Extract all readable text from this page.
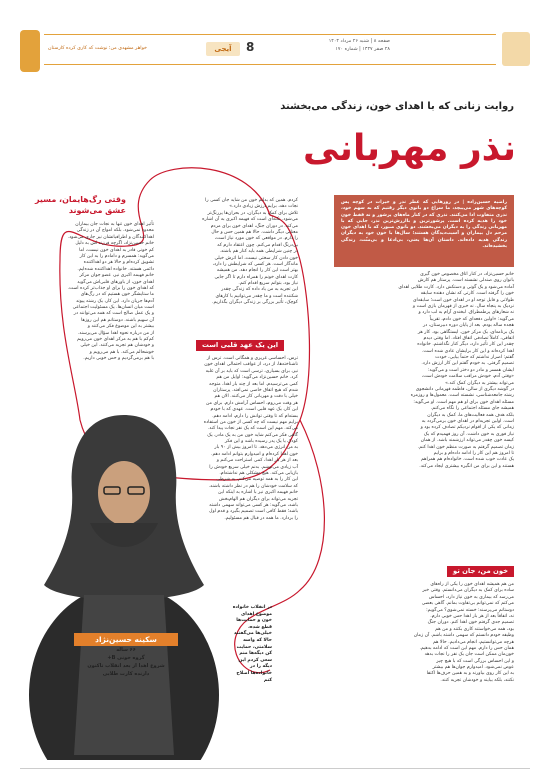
خواهر مشهدی من؛ نوشت که کاری کرده کارستان	آیجی	8	صفحه ۸ | شنبه ۲۶ مرداد ۱۴۰۴
۲۸ صفر ۱۴۴۷ | شماره ۱۷۰
روایت زنانی که با اهدای خون، زندگی می‌بخشند
نذر مهربانی
راضیه حسین‌زاده | در روزهایی که عطر نذر و خیرات در کوچه پس کوچه‌های شهر می‌پیچد، ما سراغ دو بانوی دیگر رفتیم که به سهم خود، نذری متفاوت ادا می‌کنند. نذری که در کنار ماه‌های پرشور و نه فقط خون خود را هدیه کرده است. پرشورترین و باارزش‌ترین نذر، جایی که با مهربانی زندگی را به دیگران می‌بخشند. دو بانوی صبور، که با اهدای خون مرحم دل بیماران و آسیب‌دیدگان هستند؛ سال‌ها با خون خود به دیگران زندگی هدیه داده‌اند. داستان آن‌ها یعنی، بی‌ادعا و بی‌منّت، زندگی بخشیده‌اند.
خانم حسین‌نژاد، در کنار اتاق مخصوص خون گیری
بانوان روی صندلی نشسته است. پرستار هم کارش
آماده می‌شود و یک گونی و دستکش دارد. کارت طلایی اهدای
خون را گرفته است. کارتی که نشان دهنده سابقه
طولانی و قابل توجه او در اهدای خون است؛ سابقه‌ای
نزدیک به پنجاه سال. نه خبری از قهرمان بازی است و
نه شعارهای پرطمطراق. لبخندی آرام به لب دارد و
می‌گوید: «اولین دفعه‌ای که خون دادم، تقریباً
هجده ساله بودم. بعد از پایان دوره دبیرستان، در
یک برنامه‌ای، یک مرکز خون. ایستگاهی بود. کار هر
اتفاقی، کاملاً تصادفی اتفاق افتاد. اما وقتی دیدم
چقدر این کار تأثیر دارد، دیگر کنار نگذاشتم. خانواده
اهدا کرده‌اند و این کار برایشان عادی شده است.
گفتم: اصرار نداشتم که حتماً بیایی، خودت
تصمیم گرفتی. به خودم گفتم این کار ارزش دارد.
ایشان همسر و مادر دو دختر است و می‌گوید:
«وقتی آدم، خودش مراقب سلامت خودش است،
می‌تواند بیشتر به دیگران کمک کند.»
در گوشه دیگری از سالن، فاطمه قهرمانی دانشجوی
رشته جامعه‌شناسی، نشسته است. معمول‌ها و روزمره
مسئله اهدای خون برای او هم مهم است. او می‌گوید:
همیشه جای مسئله اجتماعی را نگاه می‌کنم.
بلکه هدف همه فعالیت‌های ما، کمک به دیگران
است. اولین تجربه‌ام در اهدای خون برمی‌گردد به
زمانی که یکی از اقوام نزدیکم تصادف کرده بود و
نیاز فوری به خون داشت. آن روز فهمیدم که یک
کیسه خون چقدر می‌تواند ارزشمند باشد. از همان
زمان تصمیم گرفتم به صورت منظم خون اهدا کنم.
تا امروز هم این کار را ادامه داده‌ام و برایم
یک عادت خوب شده است. خانواده‌ام هم همراهم
هستند و این برای من انگیزه بیشتری ایجاد می‌کند.
خون من، جان تو
من هم همیشه اهدای خون را یکی از راه‌های
ساده برای کمک به دیگران می‌دانستم. وقتی خبر
می‌رسد که بیماری به خون نیاز دارد، احساس
می‌کنم که نمی‌توانم بی‌تفاوت بمانم. گاهی بعضی
دوستانم می‌پرسند: خسته نمی‌شوی؟ می‌گویم:
نه، اتفاقاً بعد از هر بار اهدا حس خوبی دارم.
تصمیم جدی گرفتم خون اهدا کنم. دوران جنگ
بود، همه می‌خواستند کاری بکنند و من هم
وظیفه خودم دانستم که سهمی داشته باشم. آن زمان
هرچه می‌توانستیم، انجام می‌دادیم. حالا هم
همان حس را دارم. مهم این است که ادامه بدهیم.
خون‌مان ممکن است جان یک نفر را نجات بدهد
و این احساس بزرگی است که با هیچ چیز
عوض نمی‌شود. امیدوارم جوان‌ها هم بیشتر
به این کار روی بیاورند و به همین حرف‌ها اکتفا
نکنند، بلکه بیایند و خودشان تجربه کنند.
کردم. همین که بدانم خون من شاید جان کسی را
نجات دهد، برایم ارزش زیادی دارد.»
تلاش برای کمک به دیگران، در بحران‌ها پررنگ‌تر
می‌شود. نکته‌ای است که فهیمه اکبری به آن اشاره
می‌کند. در دوران جنگ، اهدای خون برای مردم
معنایی دیگر داشت. حالا هم همین حس و حال
را دارم. در مواقعی که خون مورد نیاز است،
بی‌درنگ اقدام می‌کنم. چون اعتقاد دارم که
در چنین شرایطی همه باید کنار هم باشند.
خون دادن کار سختی نیست، اما اثرش خیلی
ماندگار است. هر کسی که شرایطش را دارد،
بهتر است این کار را انجام دهد. من همیشه
کارت اهدای خونم را همراه دارم تا اگر جایی
نیاز بود، بتوانم سریع اقدام کنم.
این تجربه به من یاد داده که زندگی چقدر
شکننده است و ما چقدر می‌توانیم با کارهای
کوچک، تأثیر بزرگی بر زندگی دیگران بگذاریم.
این یک عهد قلبی است
ترس، احساسی غریزی و همگانی است. ترس از
ناشناخته‌ها، از درد، از عواقب احتمالی اهدای خون
نیز، برای بسیاری، ترسی است که باید بر آن غلبه
کرد. خانم حسین‌نژاد می‌گوید: اوایل من هم
کمی می‌ترسیدم. اما بعد از چند بار اهدا، متوجه
شدم که هیچ اتفاق خاصی نمی‌افتد. پرستاران
خیلی با دقت و مهربانی کار می‌کنند. الان هم
هر وقت می‌روم، احساس آرامش دارم. برای من
این کار، یک عهد قلبی است. عهدی که با خودم
بسته‌ام که تا وقتی توانش را دارم، ادامه دهم.
برایم مهم نیست که چه کسی از خون من استفاده
می‌کند. مهم این است که یک نفر نجات پیدا کند.
گاهی فکر می‌کنم شاید خون من به یک مادر، یک
کودک یا یک پدر رسیده باشد و این فکر
به من انرژی می‌دهد. تا امروز بیش از ۹۰ بار
خون اهدا کرده‌ام و امیدوارم بتوانم ادامه دهم.
بعد از هر بار اهدا، کمی استراحت می‌کنم و
آب زیادی می‌نوشم. بدنم خیلی سریع خودش را
بازیابی می‌کند. هیچ مشکلی هم نداشته‌ام.
این کار را به همه توصیه می‌کنم، به شرطی
که سلامت خودشان را هم در نظر داشته باشند.
خانم فهیمه اکبری نیز با اشاره به اینکه این
تجربه می‌تواند برای دیگران هم الهام‌بخش
باشد، می‌گوید: هر کسی می‌تواند سهمی داشته
باشد؛ فقط کافی است تصمیم بگیرد و قدم اول
را بردارد. ما همه در قبال هم مسئولیم.
وقتی رگ‌هایمان، مسیر عشق می‌شوند
تأثیر اهدای خون تنها به نجات جان بیماران
محدود نمی‌شود. بلکه امواج آن در زندگی
اهداکنندگان و اطرافیانشان نیز جاری می‌شود.
خانم حسین‌نژاد، اگرچه فرزند اش به دلیل
کم خونی قادر به اهدای خون نیست، اما
می‌گوید: همسرم و دامادم را به این کار
تشویق کرده‌ام و حالا هر دو اهداکننده
دائمی هستند. خانواده اهداکننده شده‌ایم.
خانم فهیمه اکبری نیز، عضو جوان مرکز
اهدای خون، از باورهای قلبی‌اش می‌گوید
که اهدای خون را برای او جذاب‌تر کرده است.
ما ستایشگر خون هستیم که در رگ‌های
آدم‌ها جریان دارد. این کار، یک رشته پیوند
است میان انسان‌ها. یک مسئولیت اجتماعی
و یک عمل صالح است که همه می‌توانند در
آن سهیم باشند. دوستانم هم این روزها
بیشتر به این موضوع فکر می‌کنند و
از من درباره نحوه اهدا سؤال می‌پرسند.
کم‌کم با هم به مرکز اهدای خون می‌رویم
و خودشان هم تجربه می‌کنند. این خیلی
خوشحالم می‌کند. با هم می‌رویم و
با هم برمی‌گردیم و حس خوبی داریم.
سکینه حسین‌نژاد
۶۶ ساله
گروه خونی B+
شروع اهدا از بعد انقلاب تاکنون
دارنده کارت طلایی
در انقلاب خانواده موضوع اهدای خون و حمایت‌ها قطع شده، خیلی‌ها می‌گفتند حالا که واسه سلامتی، حمایت کن دیگه‌ها منم سعی کردم این دیگه را در خانواده‌ها اصلاح کنم
